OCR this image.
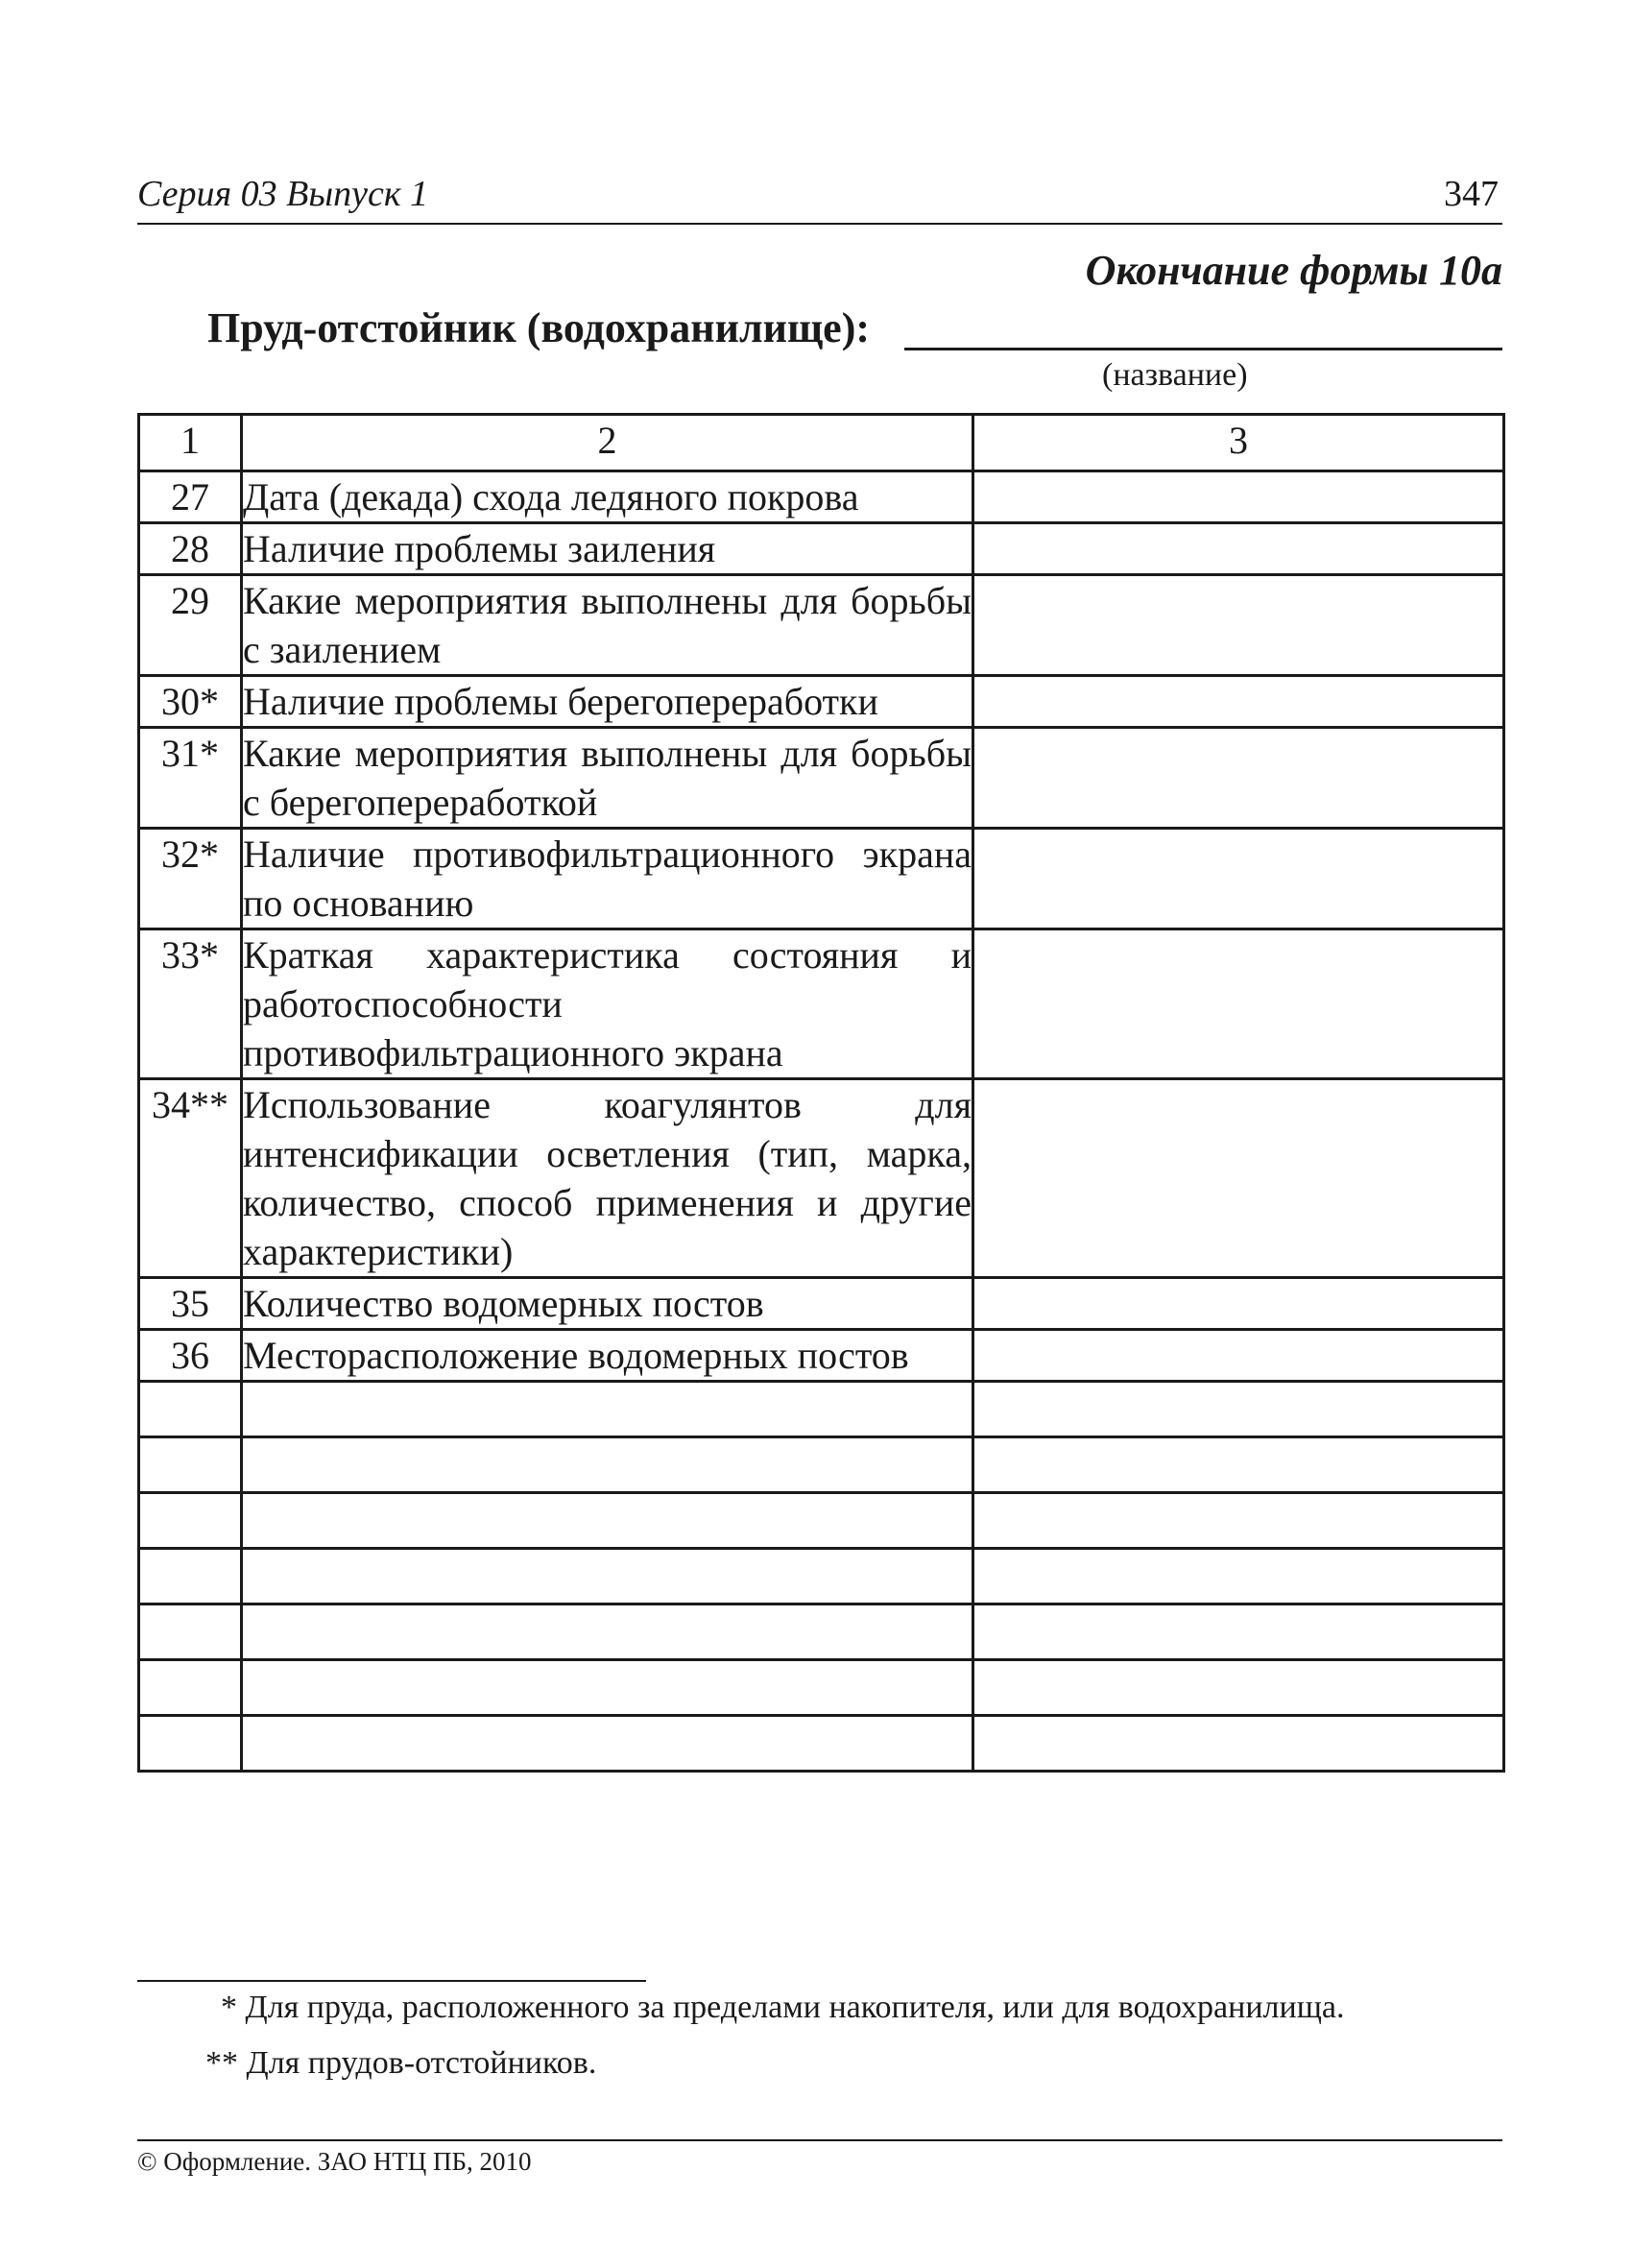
Серия 03 Выпуск 1	347
Окончание формы 10а
Пруд-отстойник (водохранилище):
(название)
1	2	3
27	Дата (декада) схода ледяного покрова	
28	Наличие проблемы заиления	
29	Какие мероприятия выполнены для борьбы с заилением	
30*	Наличие проблемы берегопереработки	
31*	Какие мероприятия выполнены для борьбы с берегопереработкой	
32*	Наличие противофильтрационного экрана по основанию	
33*	Краткая характеристика состояния и работоспособности противофильтрационного экрана	
34**	Использование коагулянтов для интенсификации осветления (тип, марка, количество, способ применения и другие характеристики)	
35	Количество водомерных постов	
36	Месторасположение водомерных постов	

* Для пруда, расположенного за пределами накопителя, или для водохранилища.
** Для прудов-отстойников.
© Оформление. ЗАО НТЦ ПБ, 2010
